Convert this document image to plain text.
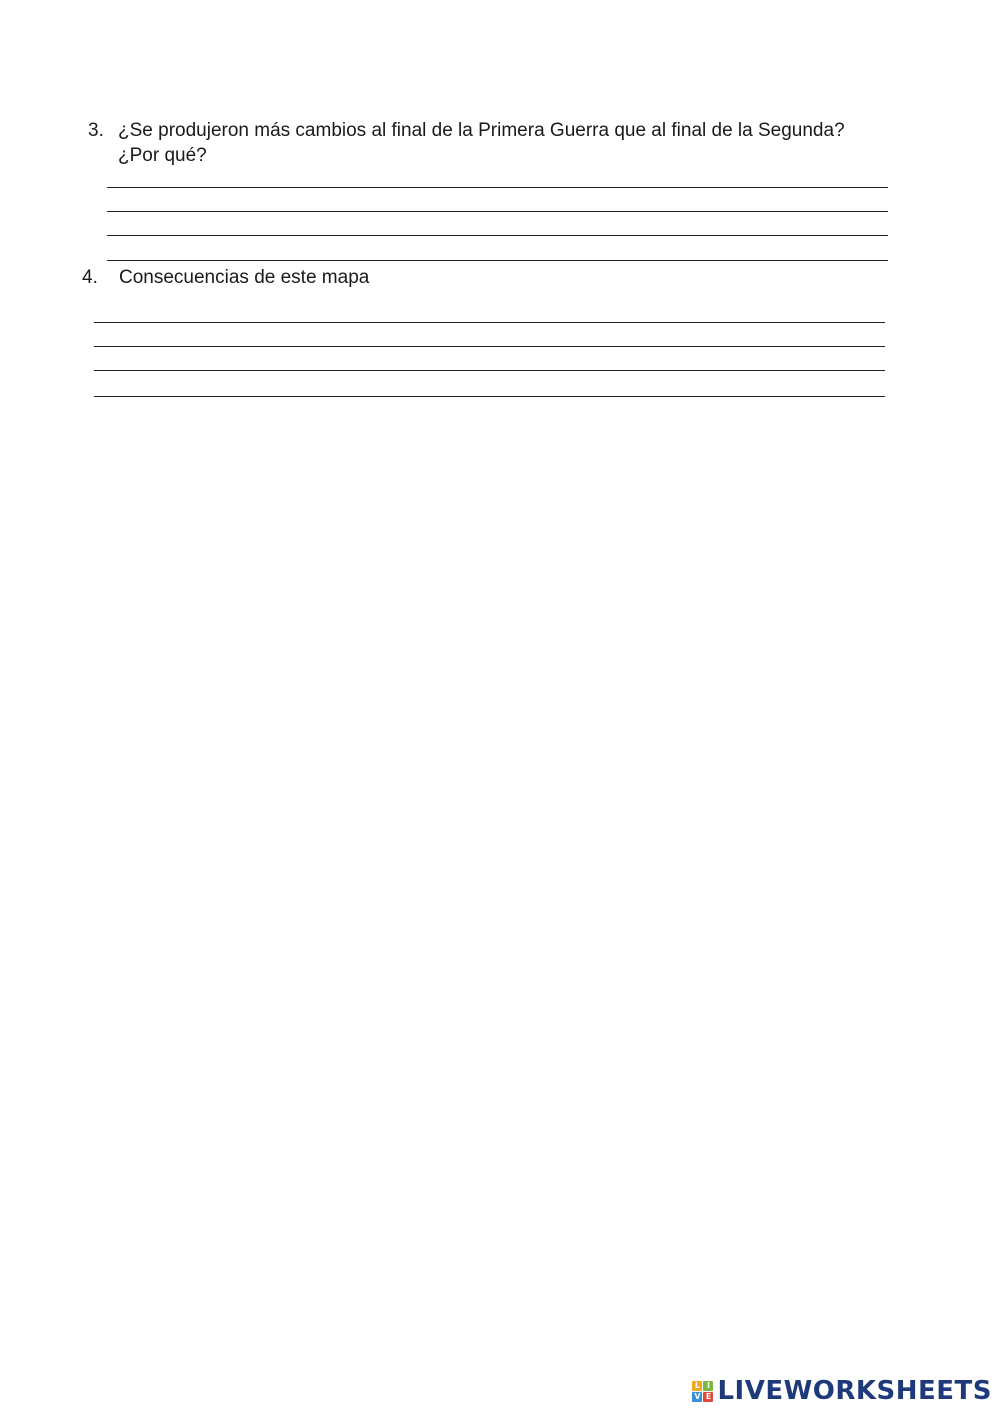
3. ¿Se produjeron más cambios al final de la Primera Guerra que al final de la Segunda?
¿Por qué?
4. Consecuencias de este mapa
L I
V E LIVEWORKSHEETS
